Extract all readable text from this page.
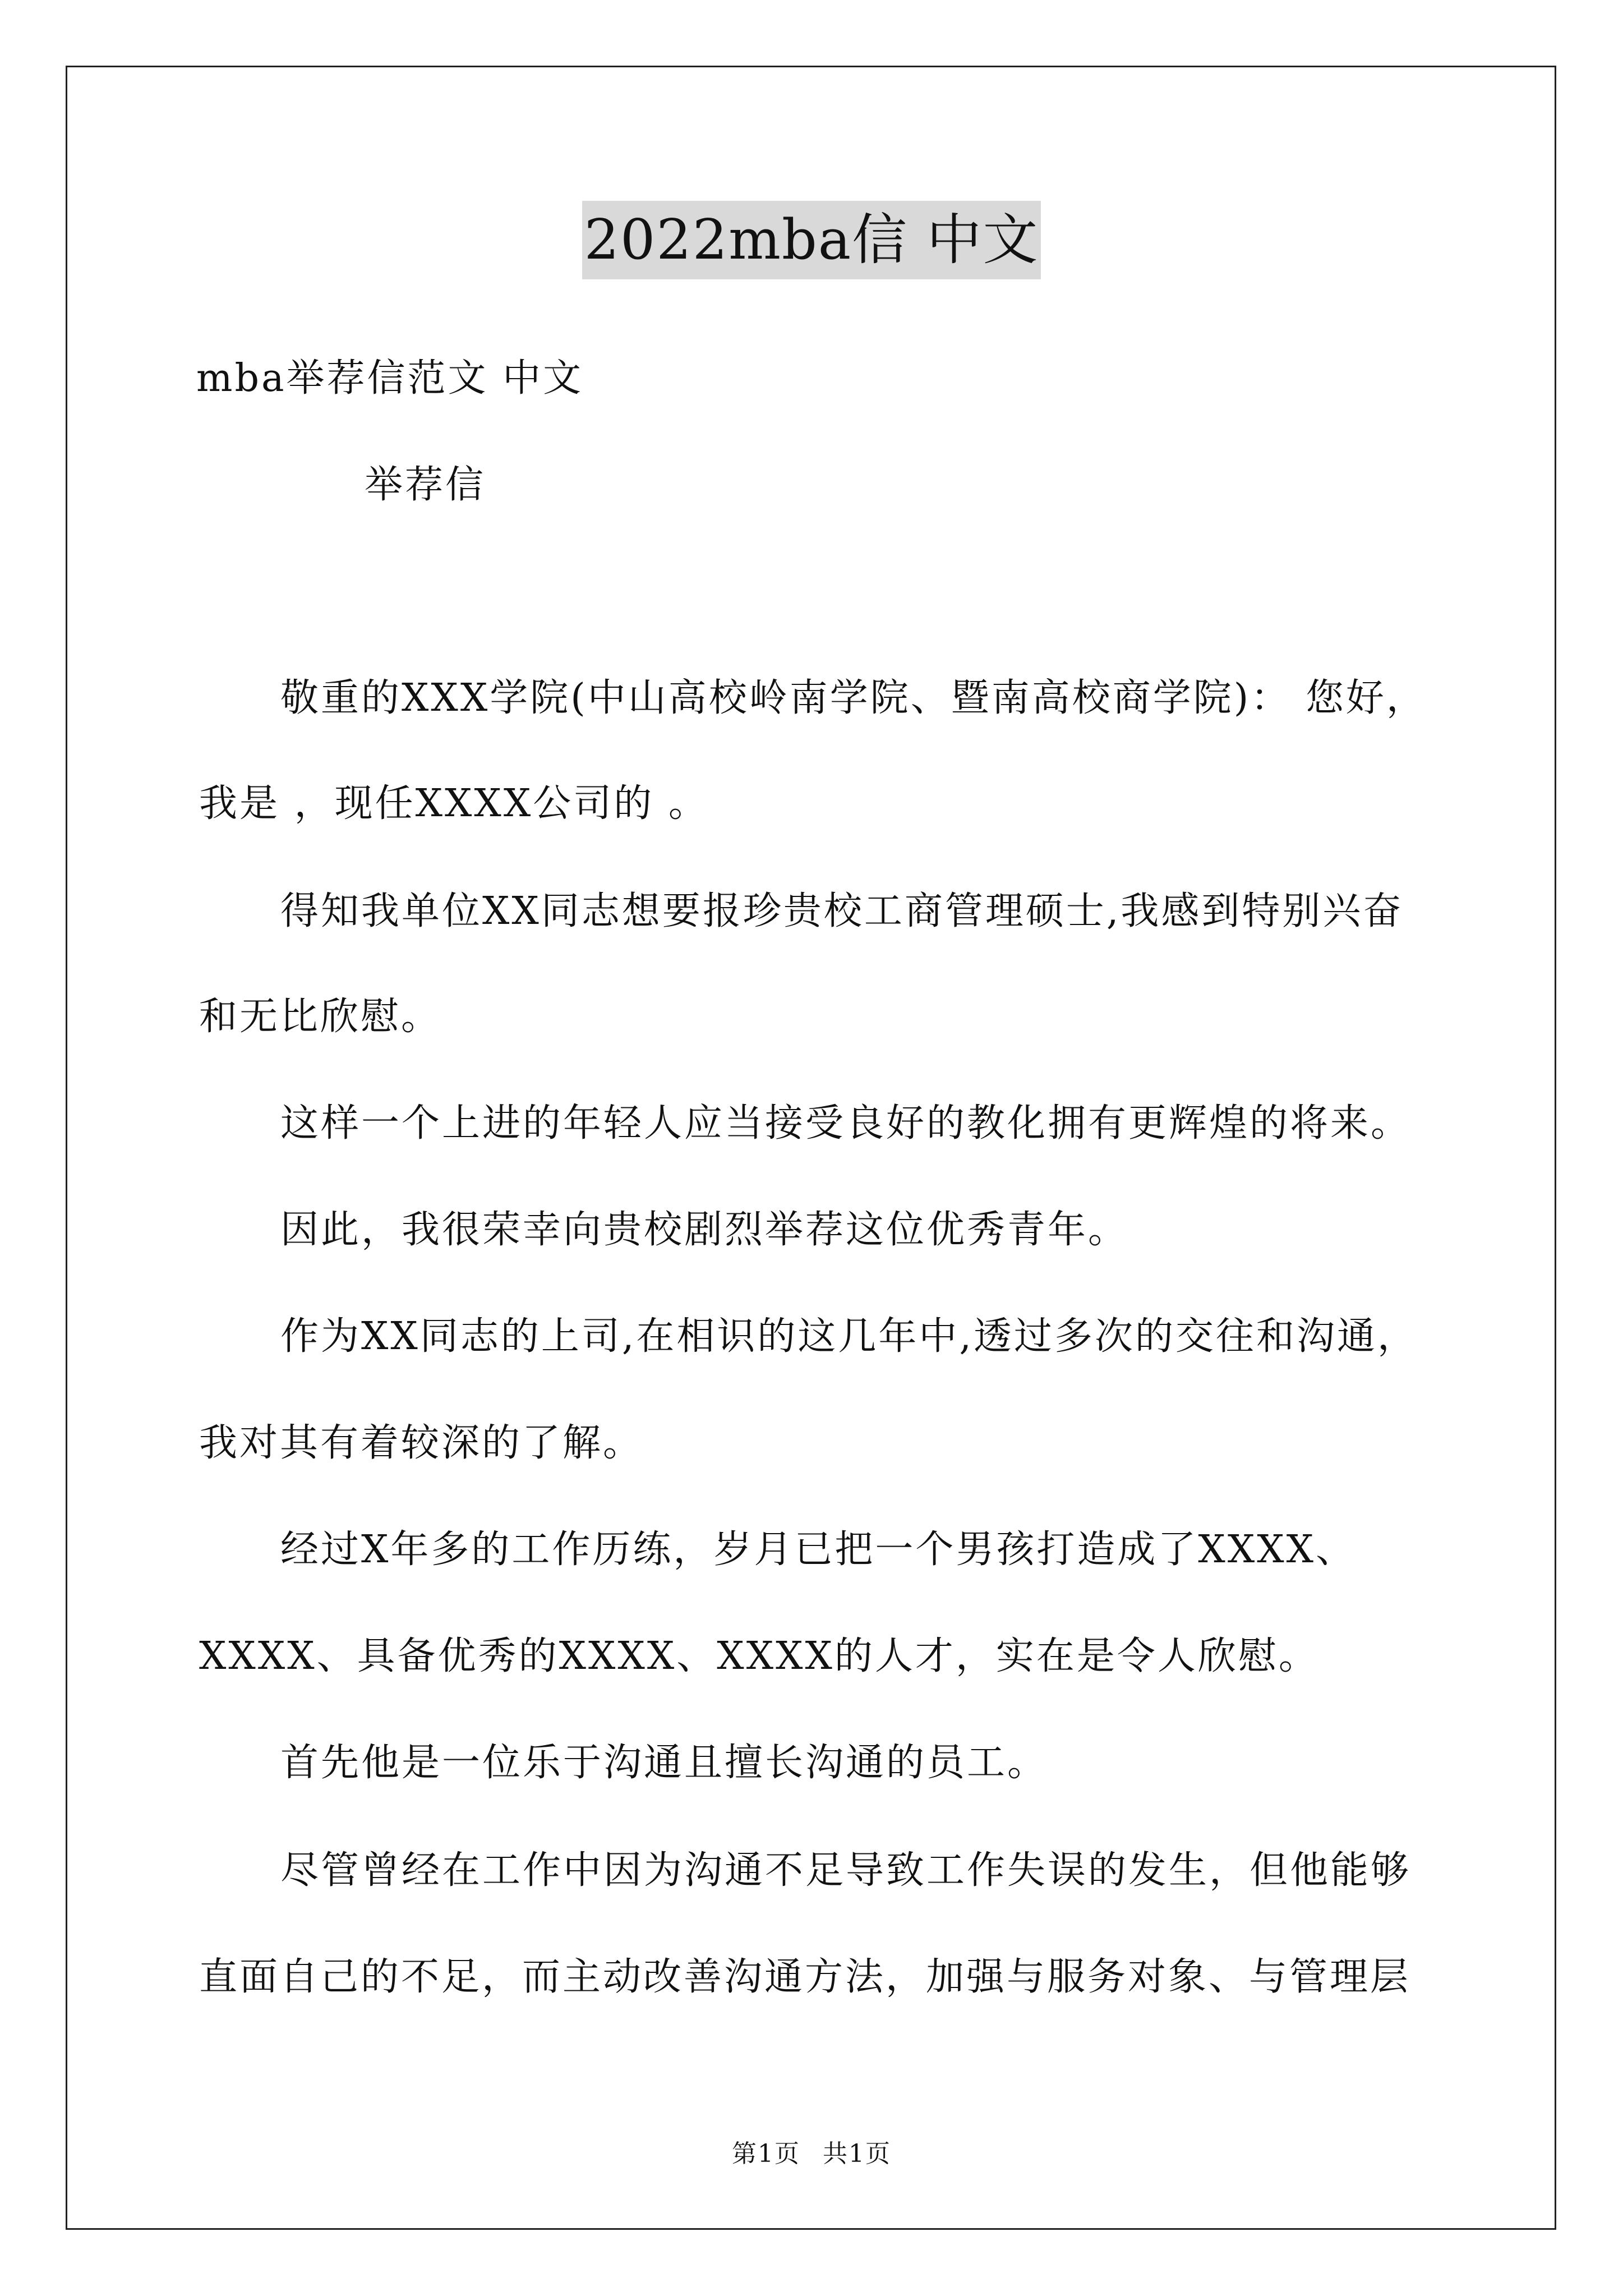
2022mba信 中文
mba举荐信范文 中文
举荐信
敬重的XXX学院(中山高校岭南学院、暨南高校商学院)： 您好，
我是 ，现任XXXX公司的 。
得知我单位XX同志想要报珍贵校工商管理硕士,我感到特别兴奋
和无比欣慰。
这样一个上进的年轻人应当接受良好的教化拥有更辉煌的将来。
因此，我很荣幸向贵校剧烈举荐这位优秀青年。
作为XX同志的上司,在相识的这几年中,透过多次的交往和沟通，
我对其有着较深的了解。
经过X年多的工作历练，岁月已把一个男孩打造成了XXXX、
XXXX、具备优秀的XXXX、XXXX的人才，实在是令人欣慰。
首先他是一位乐于沟通且擅长沟通的员工。
尽管曾经在工作中因为沟通不足导致工作失误的发生，但他能够
直面自己的不足，而主动改善沟通方法，加强与服务对象、与管理层
第1页 共1页
